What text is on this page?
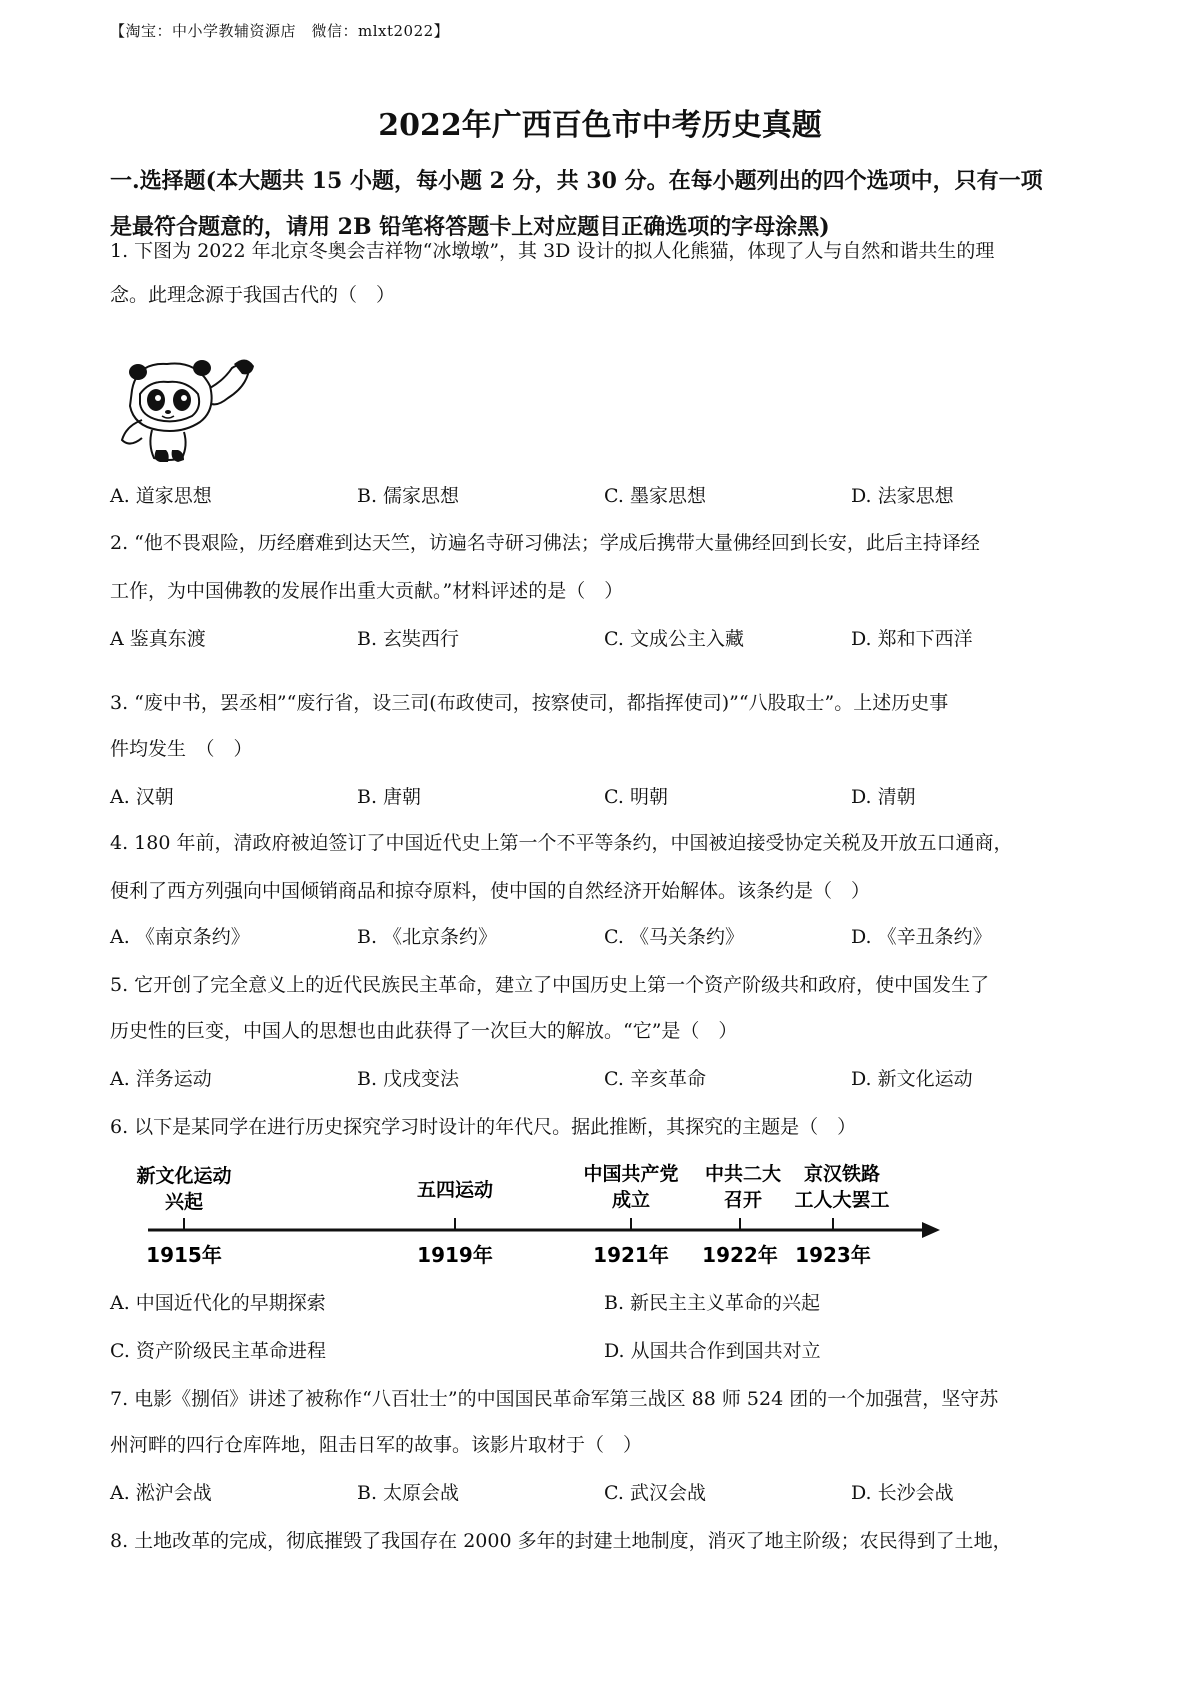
【淘宝：中小学教辅资源店　微信：mlxt2022】
2022年广西百色市中考历史真题
一.选择题(本大题共 15 小题，每小题 2 分，共 30 分。在每小题列出的四个选项中，只有一项
是最符合题意的，请用 2B 铅笔将答题卡上对应题目正确选项的字母涂黑)
1. 下图为 2022 年北京冬奥会吉祥物“冰墩墩”，其 3D 设计的拟人化熊猫，体现了人与自然和谐共生的理
念。此理念源于我国古代的（　）
A. 道家思想	B. 儒家思想	C. 墨家思想	D. 法家思想
2. “他不畏艰险，历经磨难到达天竺，访遍名寺研习佛法；学成后携带大量佛经回到长安，此后主持译经
工作，为中国佛教的发展作出重大贡献。”材料评述的是（　）
A 鉴真东渡	B. 玄奘西行	C. 文成公主入藏	D. 郑和下西洋
3. “废中书，罢丞相”“废行省，设三司(布政使司，按察使司，都指挥使司)”“八股取士”。上述历史事
件均发生　（　）
A. 汉朝	B. 唐朝	C. 明朝	D. 清朝
4. 180 年前，清政府被迫签订了中国近代史上第一个不平等条约，中国被迫接受协定关税及开放五口通商，
便利了西方列强向中国倾销商品和掠夺原料，使中国的自然经济开始解体。该条约是（　）
A. 《南京条约》	B. 《北京条约》	C. 《马关条约》	D. 《辛丑条约》
5. 它开创了完全意义上的近代民族民主革命，建立了中国历史上第一个资产阶级共和政府，使中国发生了
历史性的巨变，中国人的思想也由此获得了一次巨大的解放。“它”是（　）
A. 洋务运动	B. 戊戌变法	C. 辛亥革命	D. 新文化运动
6. 以下是某同学在进行历史探究学习时设计的年代尺。据此推断，其探究的主题是（　）
新文化运动
兴起
1915年
五四运动
1919年
中国共产党
成立
1921年
中共二大
召开
1922年
京汉铁路
工人大罢工
1923年
A. 中国近代化的早期探索	B. 新民主主义革命的兴起
C. 资产阶级民主革命进程	D. 从国共合作到国共对立
7. 电影《捌佰》讲述了被称作“八百壮士”的中国国民革命军第三战区 88 师 524 团的一个加强营，坚守苏
州河畔的四行仓库阵地，阻击日军的故事。该影片取材于（　）
A. 淞沪会战	B. 太原会战	C. 武汉会战	D. 长沙会战
8. 土地改革的完成，彻底摧毁了我国存在 2000 多年的封建土地制度，消灭了地主阶级；农民得到了土地，
